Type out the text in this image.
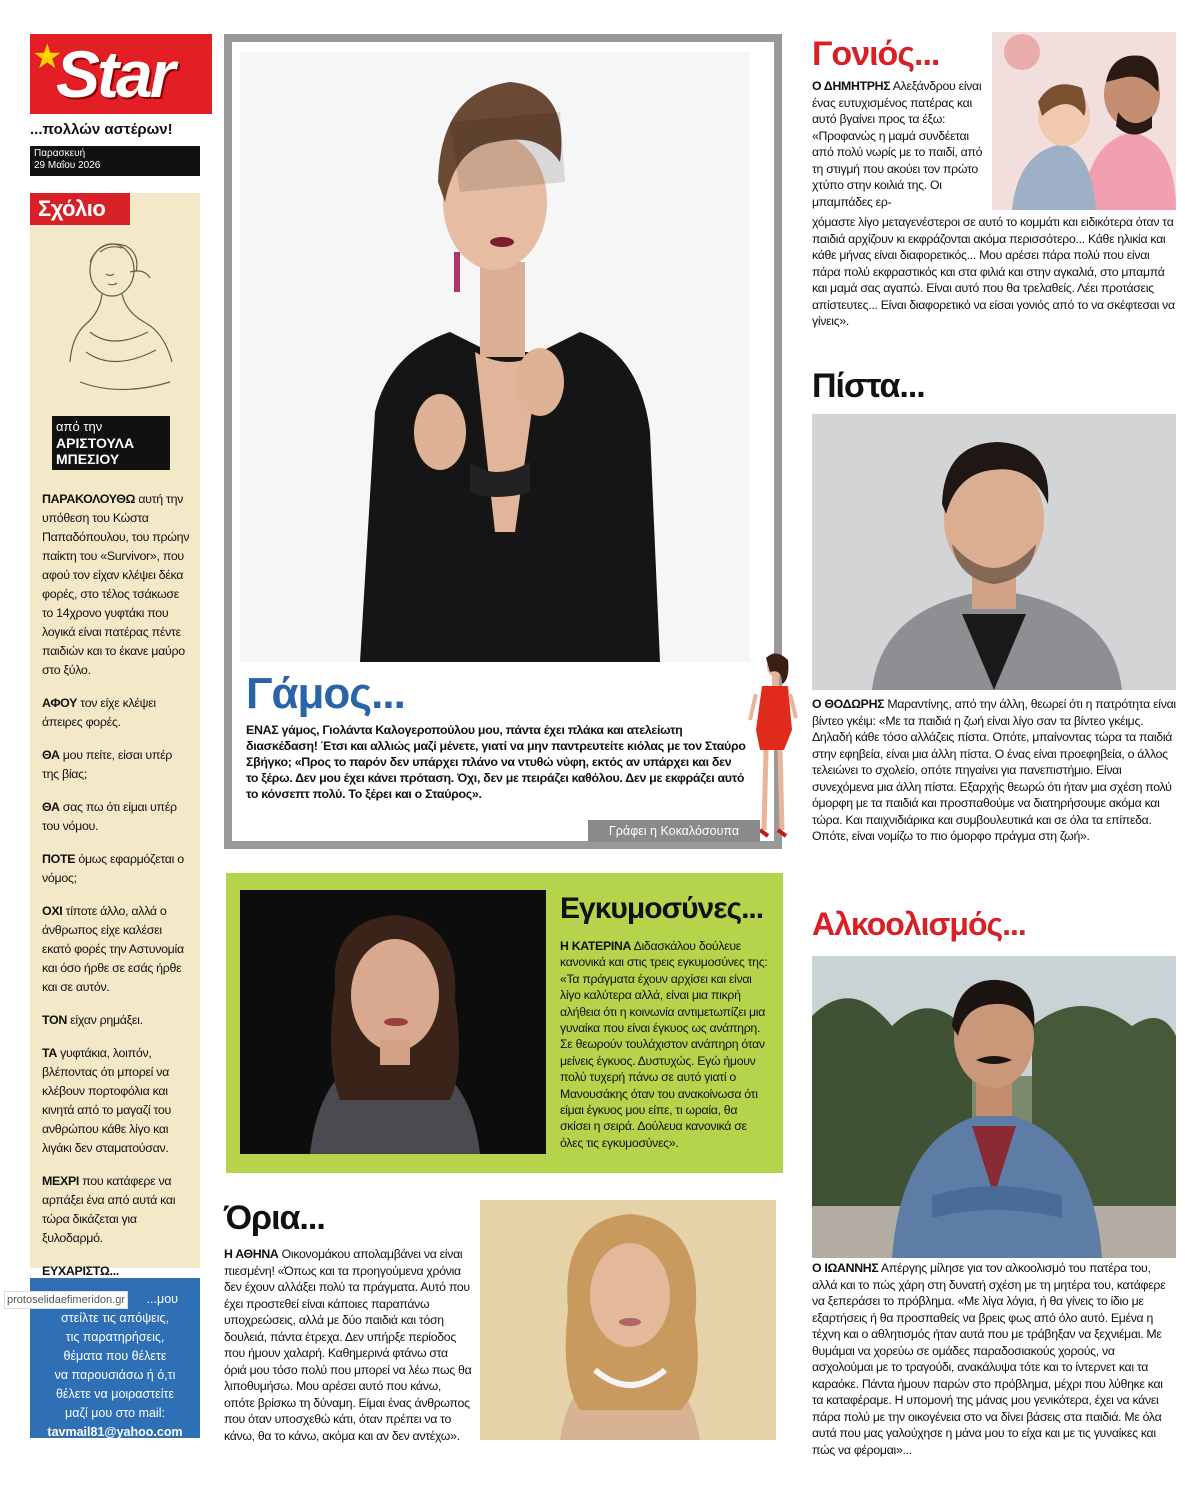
★
Star
...πολλών αστέρων!
Παρασκευή
29 Μαΐου 2026
Σχόλιο
από την
ΑΡΙΣΤΟΥΛΑ
ΜΠΕΣΙΟΥ

ΠΑΡΑΚΟΛΟΥΘΩ αυτή την υπόθεση του Κώστα Παπαδόπουλου, του πρώην παίκτη του «Survivor», που αφού τον είχαν κλέψει δέκα φορές, στο τέλος τσάκωσε το 14χρονο γυφτάκι που λογικά είναι πατέρας πέντε παιδιών και το έκανε μαύρο στο ξύλο.

ΑΦΟΥ τον είχε κλέψει άπειρες φορές.

ΘΑ μου πείτε, είσαι υπέρ της βίας;

ΘΑ σας πω ότι είμαι υπέρ του νόμου.

ΠΟΤΕ όμως εφαρμόζεται ο νόμος;

ΟΧΙ τίποτε άλλο, αλλά ο άνθρωπος είχε καλέσει εκατό φορές την Αστυνομία και όσο ήρθε σε εσάς ήρθε και σε αυτόν.

ΤΟΝ είχαν ρημάξει.

ΤΑ γυφτάκια, λοιπόν, βλέποντας ότι μπορεί να κλέβουν πορτοφόλια και κινητά από το μαγαζί του ανθρώπου κάθε λίγο και λιγάκι δεν σταματούσαν.

ΜΕΧΡΙ που κατάφερε να αρπάξει ένα από αυτά και τώρα δικάζεται για ξυλοδαρμό.

ΕΥΧΑΡΙΣΤΩ...

...μου
στείλτε τις απόψεις,
τις παρατηρήσεις,
θέματα που θέλετε
να παρουσιάσω ή ό,τι
θέλετε να μοιραστείτε
μαζί μου στο mail:
tavmail81@yahoo.com
protoselidaefimeridon.gr
Γάμος...
ΕΝΑΣ γάμος, Γιολάντα Καλογεροπούλου μου, πάντα έχει πλάκα και ατελείωτη διασκέδαση! Έτσι και αλλιώς μαζί μένετε, γιατί να μην παντρευτείτε κιόλας με τον Σταύρο Σβήγκο; «Προς το παρόν δεν υπάρχει πλάνο να ντυθώ νύφη, εκτός αν υπάρχει και δεν το ξέρω. Δεν μου έχει κάνει πρόταση. Όχι, δεν με πειράζει καθόλου. Δεν με εκφράζει αυτό το κόνσεπτ πολύ. Το ξέρει και ο Σταύρος».
Γράφει η Κοκαλόσουπα
Εγκυμοσύνες...
Η ΚΑΤΕΡΙΝΑ Διδασκάλου δούλευε κανονικά και στις τρεις εγκυμοσύνες της: «Τα πράγματα έχουν αρχίσει και είναι λίγο καλύτερα αλλά, είναι μια πικρή αλήθεια ότι η κοινωνία αντιμετωπίζει μια γυναίκα που είναι έγκυος ως ανάπηρη. Σε θεωρούν τουλάχιστον ανάπηρη όταν μείνεις έγκυος. Δυστυχώς. Εγώ ήμουν πολύ τυχερή πάνω σε αυτό γιατί ο Μανουσάκης όταν του ανακοίνωσα ότι είμαι έγκυος μου είπε, τι ωραία, θα σκίσει η σειρά. Δούλευα κανονικά σε όλες τις εγκυμοσύνες».
Όρια...
Η ΑΘΗΝΑ Οικονομάκου απολαμβάνει να είναι πιεσμένη! «Όπως και τα προηγούμενα χρόνια δεν έχουν αλλάξει πολύ τα πράγματα. Αυτό που έχει προστεθεί είναι κάποιες παραπάνω υποχρεώσεις, αλλά με δύο παιδιά και τόση δουλειά, πάντα έτρεχα. Δεν υπήρξε περίοδος που ήμουν χαλαρή. Καθημερινά φτάνω στα όριά μου τόσο πολύ που μπορεί να λέω πως θα λιποθυμήσω. Μου αρέσει αυτό που κάνω, οπότε βρίσκω τη δύναμη. Είμαι ένας άνθρωπος που όταν υποσχεθώ κάτι, όταν πρέπει να το κάνω, θα το κάνω, ακόμα και αν δεν αντέχω».
Γονιός...
Ο ΔΗΜΗΤΡΗΣ Αλεξάνδρου είναι ένας ευτυχισμένος πατέρας και αυτό βγαίνει προς τα έξω: «Προφανώς η μαμά συνδέεται από πολύ νωρίς με το παιδί, από τη στιγμή που ακούει τον πρώτο χτύπο στην κοιλιά της. Οι μπαμπάδες ερ-
χόμαστε λίγο μεταγενέστεροι σε αυτό το κομμάτι και ειδικότερα όταν τα παιδιά αρχίζουν κι εκφράζονται ακόμα περισσότερο... Κάθε ηλικία και κάθε μήνας είναι διαφορετικός... Μου αρέσει πάρα πολύ που είναι πάρα πολύ εκφραστικός και στα φιλιά και στην αγκαλιά, στο μπαμπά και μαμά σας αγαπώ. Είναι αυτό που θα τρελαθείς. Λέει προτάσεις απίστευτες... Είναι διαφορετικό να είσαι γονιός από το να σκέφτεσαι να γίνεις».
Πίστα...
Ο ΘΟΔΩΡΗΣ Μαραντίνης, από την άλλη, θεωρεί ότι η πατρότητα είναι βίντεο γκέιμ: «Με τα παιδιά η ζωή είναι λίγο σαν τα βίντεο γκέιμς. Δηλαδή κάθε τόσο αλλάζεις πίστα. Οπότε, μπαίνοντας τώρα τα παιδιά στην εφηβεία, είναι μια άλλη πίστα. Ο ένας είναι προεφηβεία, ο άλλος τελειώνει το σχολείο, οπότε πηγαίνει για πανεπιστήμιο. Είναι συνεχόμενα μια άλλη πίστα. Εξαρχής θεωρώ ότι ήταν μια σχέση πολύ όμορφη με τα παιδιά και προσπαθούμε να διατηρήσουμε ακόμα και τώρα. Και παιχνιδιάρικα και συμβουλευτικά και σε όλα τα επίπεδα. Οπότε, είναι νομίζω το πιο όμορφο πράγμα στη ζωή».
Αλκοολισμός...
Ο ΙΩΑΝΝΗΣ Απέργης μίλησε για τον αλκοολισμό του πατέρα του, αλλά και το πώς χάρη στη δυνατή σχέση με τη μητέρα του, κατάφερε να ξεπεράσει το πρόβλημα. «Με λίγα λόγια, ή θα γίνεις το ίδιο με εξαρτήσεις ή θα προσπαθείς να βρεις φως από όλο αυτό. Εμένα η τέχνη και ο αθλητισμός ήταν αυτά που με τράβηξαν να ξεχνιέμαι. Με θυμάμαι να χορεύω σε ομάδες παραδοσιακούς χορούς, να ασχολούμαι με το τραγούδι, ανακάλυψα τότε και το ίντερνετ και τα καραόκε. Πάντα ήμουν παρών στο πρόβλημα, μέχρι που λύθηκε και τα καταφέραμε. Η υπομονή της μάνας μου γενικότερα, έχει να κάνει πάρα πολύ με την οικογένεια στο να δίνει βάσεις στα παιδιά. Με όλα αυτά που μας γαλούχησε η μάνα μου το είχα και με τις γυναίκες και πώς να φέρομαι»...
